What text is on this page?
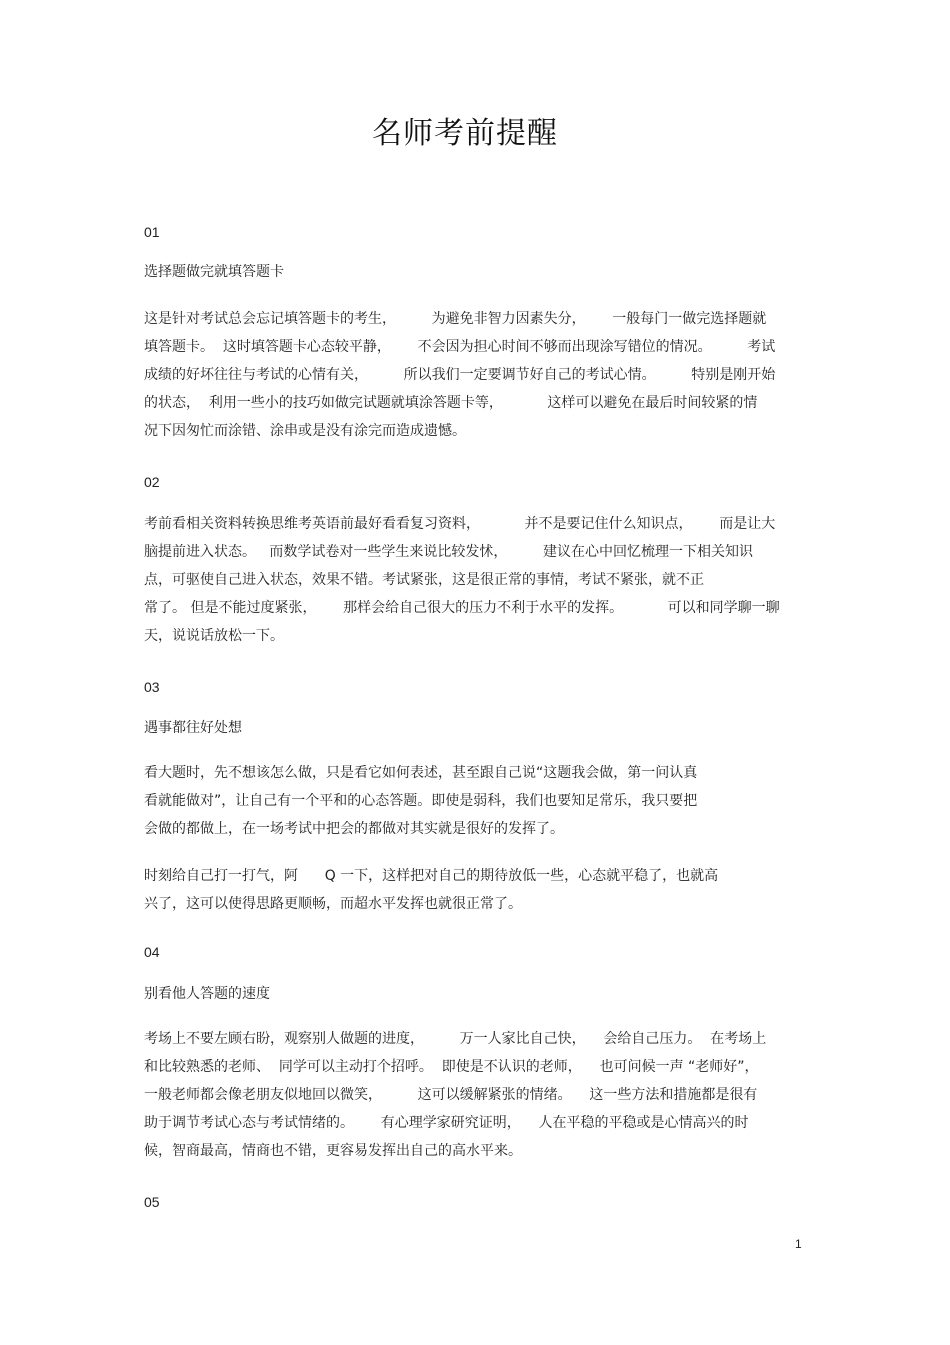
名师考前提醒
01
选择题做完就填答题卡
这是针对考试总会忘记填答题卡的考生，        为避免非智力因素失分，      一般每门一做完选择题就
填答题卡。  这时填答题卡心态较平静，      不会因为担心时间不够而出现涂写错位的情况。        考试
成绩的好坏往往与考试的心情有关，        所以我们一定要调节好自己的考试心情。        特别是刚开始
的状态，  利用一些小的技巧如做完试题就填涂答题卡等，          这样可以避免在最后时间较紧的情
况下因匆忙而涂错、涂串或是没有涂完而造成遗憾。
02
考前看相关资料转换思维考英语前最好看看复习资料，          并不是要记住什么知识点，      而是让大
脑提前进入状态。   而数学试卷对一些学生来说比较发怵，        建议在心中回忆梳理一下相关知识
点，可驱使自己进入状态，效果不错。考试紧张，这是很正常的事情，考试不紧张，就不正
常了。 但是不能过度紧张，      那样会给自己很大的压力不利于水平的发挥。          可以和同学聊一聊
天，说说话放松一下。
03
遇事都往好处想
看大题时，先不想该怎么做，只是看它如何表述，甚至跟自己说“这题我会做，第一问认真
看就能做对”，让自己有一个平和的心态答题。即使是弱科，我们也要知足常乐，我只要把
会做的都做上，在一场考试中把会的都做对其实就是很好的发挥了。
时刻给自己打一打气，阿      Q 一下，这样把对自己的期待放低一些，心态就平稳了，也就高
兴了，这可以使得思路更顺畅，而超水平发挥也就很正常了。
04
别看他人答题的速度
考场上不要左顾右盼，观察别人做题的进度，        万一人家比自己快，    会给自己压力。  在考场上
和比较熟悉的老师、  同学可以主动打个招呼。  即使是不认识的老师，    也可问候一声 “老师好”，
一般老师都会像老朋友似地回以微笑，        这可以缓解紧张的情绪。    这一些方法和措施都是很有
助于调节考试心态与考试情绪的。      有心理学家研究证明，    人在平稳的平稳或是心情高兴的时
候，智商最高，情商也不错，更容易发挥出自己的高水平来。
05
1
